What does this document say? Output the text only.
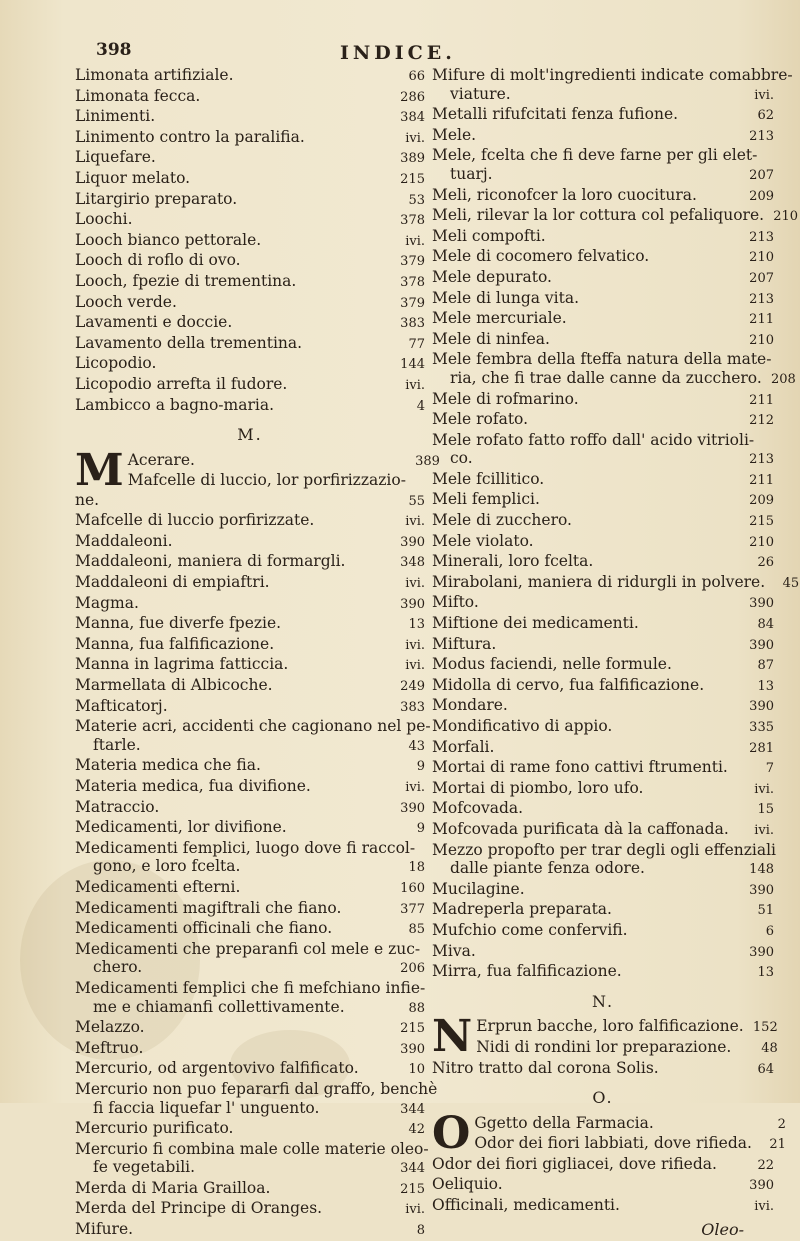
398	INDICE.
Limonata artifiziale.	66
Limonata fecca.	286
Linimenti.	384
Linimento contro la paralifia.	ivi.
Liquefare.	389
Liquor melato.	215
Litargirio preparato.	53
Loochi.	378
Looch bianco pettorale.	ivi.
Looch di roflo di ovo.	379
Looch, fpezie di trementina.	378
Looch verde.	379
Lavamenti e doccie.	383
Lavamento della trementina.	77
Licopodio.	144
Licopodio arrefta il fudore.	ivi.
Lambicco a bagno-maria.	4
M.
M Acerare.	389
Mafcelle di luccio, lor porfirizzazio-
ne.	55
Mafcelle di luccio porfirizzate.	ivi.
Maddaleoni.	390
Maddaleoni, maniera di formargli.	348
Maddaleoni di empiaftri.	ivi.
Magma.	390
Manna, fue diverfe fpezie.	13
Manna, fua falfificazione.	ivi.
Manna in lagrima fatticcia.	ivi.
Marmellata di Albicoche.	249
Mafticatorj.	383
Materie acri, accidenti che cagionano nel pe-
ftarle.	43
Materia medica che fia.	9
Materia medica, fua divifione.	ivi.
Matraccio.	390
Medicamenti, lor divifione.	9
Medicamenti femplici, luogo dove fi raccol-
gono, e loro fcelta.	18
Medicamenti efterni.	160
Medicamenti magiftrali che fiano.	377
Medicamenti officinali che fiano.	85
Medicamenti che preparanfi col mele e zuc-
chero.	206
Medicamenti femplici che fi mefchiano infie-
me e chiamanfi collettivamente.	88
Melazzo.	215
Meftruo.	390
Mercurio, od argentovivo falfificato.	10
Mercurio non puo fepararfi dal graffo, benchè
fi faccia liquefar l' unguento.	344
Mercurio purificato.	42
Mercurio fi combina male colle materie oleo-
fe vegetabili.	344
Merda di Maria Grailloa.	215
Merda del Principe di Oranges.	ivi.
Mifure.	8
Mifure di molt'ingredienti indicate comabbre-
viature.	ivi.
Metalli rifufcitati fenza fufione.	62
Mele.	213
Mele, fcelta che fi deve farne per gli elet-
tuarj.	207
Meli, riconofcer la loro cuocitura.	209
Meli, rilevar la lor cottura col pefaliquore. 210
Meli compofti.	213
Mele di cocomero felvatico.	210
Mele depurato.	207
Mele di lunga vita.	213
Mele mercuriale.	211
Mele di ninfea.	210
Mele fembra della fteffa natura della mate-
ria, che fi trae dalle canne da zucchero. 208
Mele di rofmarino.	211
Mele rofato.	212
Mele rofato fatto roffo dall' acido vitrioli-
co.	213
Mele fcillitico.	211
Meli femplici.	209
Mele di zucchero.	215
Mele violato.	210
Minerali, loro fcelta.	26
Mirabolani, maniera di ridurgli in polvere.	45
Mifto.	390
Miftione dei medicamenti.	84
Miftura.	390
Modus faciendi, nelle formule.	87
Midolla di cervo, fua falfificazione.	13
Mondare.	390
Mondificativo di appio.	335
Morfali.	281
Mortai di rame fono cattivi ftrumenti.	7
Mortai di piombo, loro ufo.	ivi.
Mofcovada.	15
Mofcovada purificata dà la caffonada.	ivi.
Mezzo propofto per trar degli ogli effenziali
dalle piante fenza odore.	148
Mucilagine.	390
Madreperla preparata.	51
Mufchio come confervifi.	6
Miva.	390
Mirra, fua falfificazione.	13
N.
N Erprun bacche, loro falfificazione. 152
Nidi di rondini lor preparazione.	48
Nitro tratto dal corona Solis.	64
O.
O Ggetto della Farmacia.	2
Odor dei fiori labbiati, dove rifieda.	21
Odor dei fiori gigliacei, dove rifieda.	22
Oeliquio.	390
Officinali, medicamenti.	ivi.
Oleo-
